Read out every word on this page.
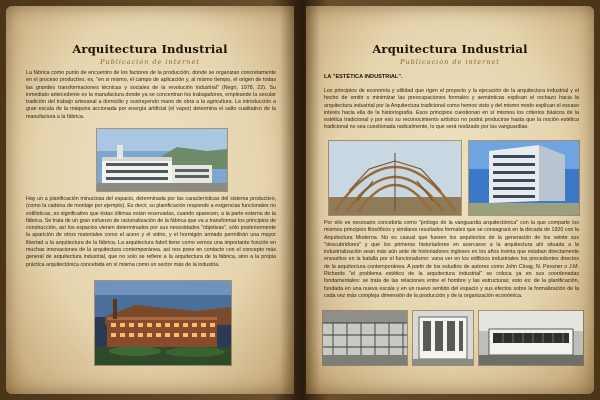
Arquitectura Industrial
Publicación de internet

La fábrica como punto de encuentro de los factores de la producción, donde se organizan concretamente en el proceso productivo, es, "en si mismo, el campo de aplicación y, al mismo tiempo, el origen de todas las grandes transformaciones técnicas y sociales de la revolución industrial" (Negri, 1978, 22). Su inmediato antecedente es la manufactura donde ya se concentran los trabajadores, empleando la secular tradición del trabajo artesanal a domicilio y sustrayendo mano de obra a la agricultura. La introducción a gran escala de la máquina accionada por energía artificial (el vapor) determina el salto cualitativo de la manufactura a la fábrica.

Hay un a planificación minuciosa del espacio, determinada por las características del sistema productivo, (como la cadena de montaje por ejemplo). Es decir, su planificación responde a exigencias funcionales no estilísticas, es significativo que éstas últimas están reservadas, cuando aparecen, a la parte externa de la fábrica. Se trata de un gran esfuerzo de racionalización de la fábrica que va a transformar los principios de construcción, así los espacios vienen determinados por sus necesidades "objetivas", sólo posteriormente la aparición de otros materiales como el acero y el vidrio, y el hormigón armado permitirán una mayor libertad a la arquitectura de la fábrica. La arquitectura fabril tiene como vemos una importante función en muchas innovaciones de la arquitectura contemporánea, así nos pone en contacto con el concepto más general de arquitectura industrial, que no solo se refiere a la arquitectura de la fábrica, sino a la propia práctica arquitectónica concebida en sí misma como un sector más de la industria.

Arquitectura Industrial
Publicación de internet

LA "ESTÉTICA INDUSTRIAL".

Los principios de economía y utilidad que rigen el proyecto y la ejecución de la arquitectura industrial y el hecho de omitir o minimizar las preocupaciones formales y semánticas explican el rechazo hacia la arquitectura industrial por la Arquitectura tradicional como hemos visto y del mismo modo explican el escaso interés hacia ella de la historiografía. Esos principios cuestionan en sí mismos los criterios básicos de la estética tradicional y por eso su reconocimiento artístico no podrá producirse hasta que la noción estética tradicional no sea cuestionada radicalmente, lo que será realizado por las vanguardias.

Por ello es necesario concebirla como "prólogo de la vanguardia arquitectónica" con la que comparte los mismos principios filosóficos y similares resultados formales que se consagrará en la década de 1920 con la Arquitectura Moderna. No es casual que fuesen los arquitectos de la generación de los veinte sus "descubridores" y que los primeros historiadores en acercarse a la arquitectura ahí situada a la industrialización sean más aún ante de historiadores ingleses en los años treinta que estaban directamente envueltos en la batalla por el funcionalismo: vana ver en los edificios industriales los precedentes directos de la arquitectura contemporánea. A partir de los estudios de autores como John Cloag, N. Pevsner o J.M. Richards "el problema estético de la arquitectura industrial" se coloca ya en sus coordenadas fundamentales: se trata de las relaciones entre el hombre y las estructuras; esto es: de la planificación, fundada en una nueva escala y en un nuevo sentido del espacio y sus efectos sobre la formalización de la cada vez más compleja dimensión de la producción y de la organización económica.
